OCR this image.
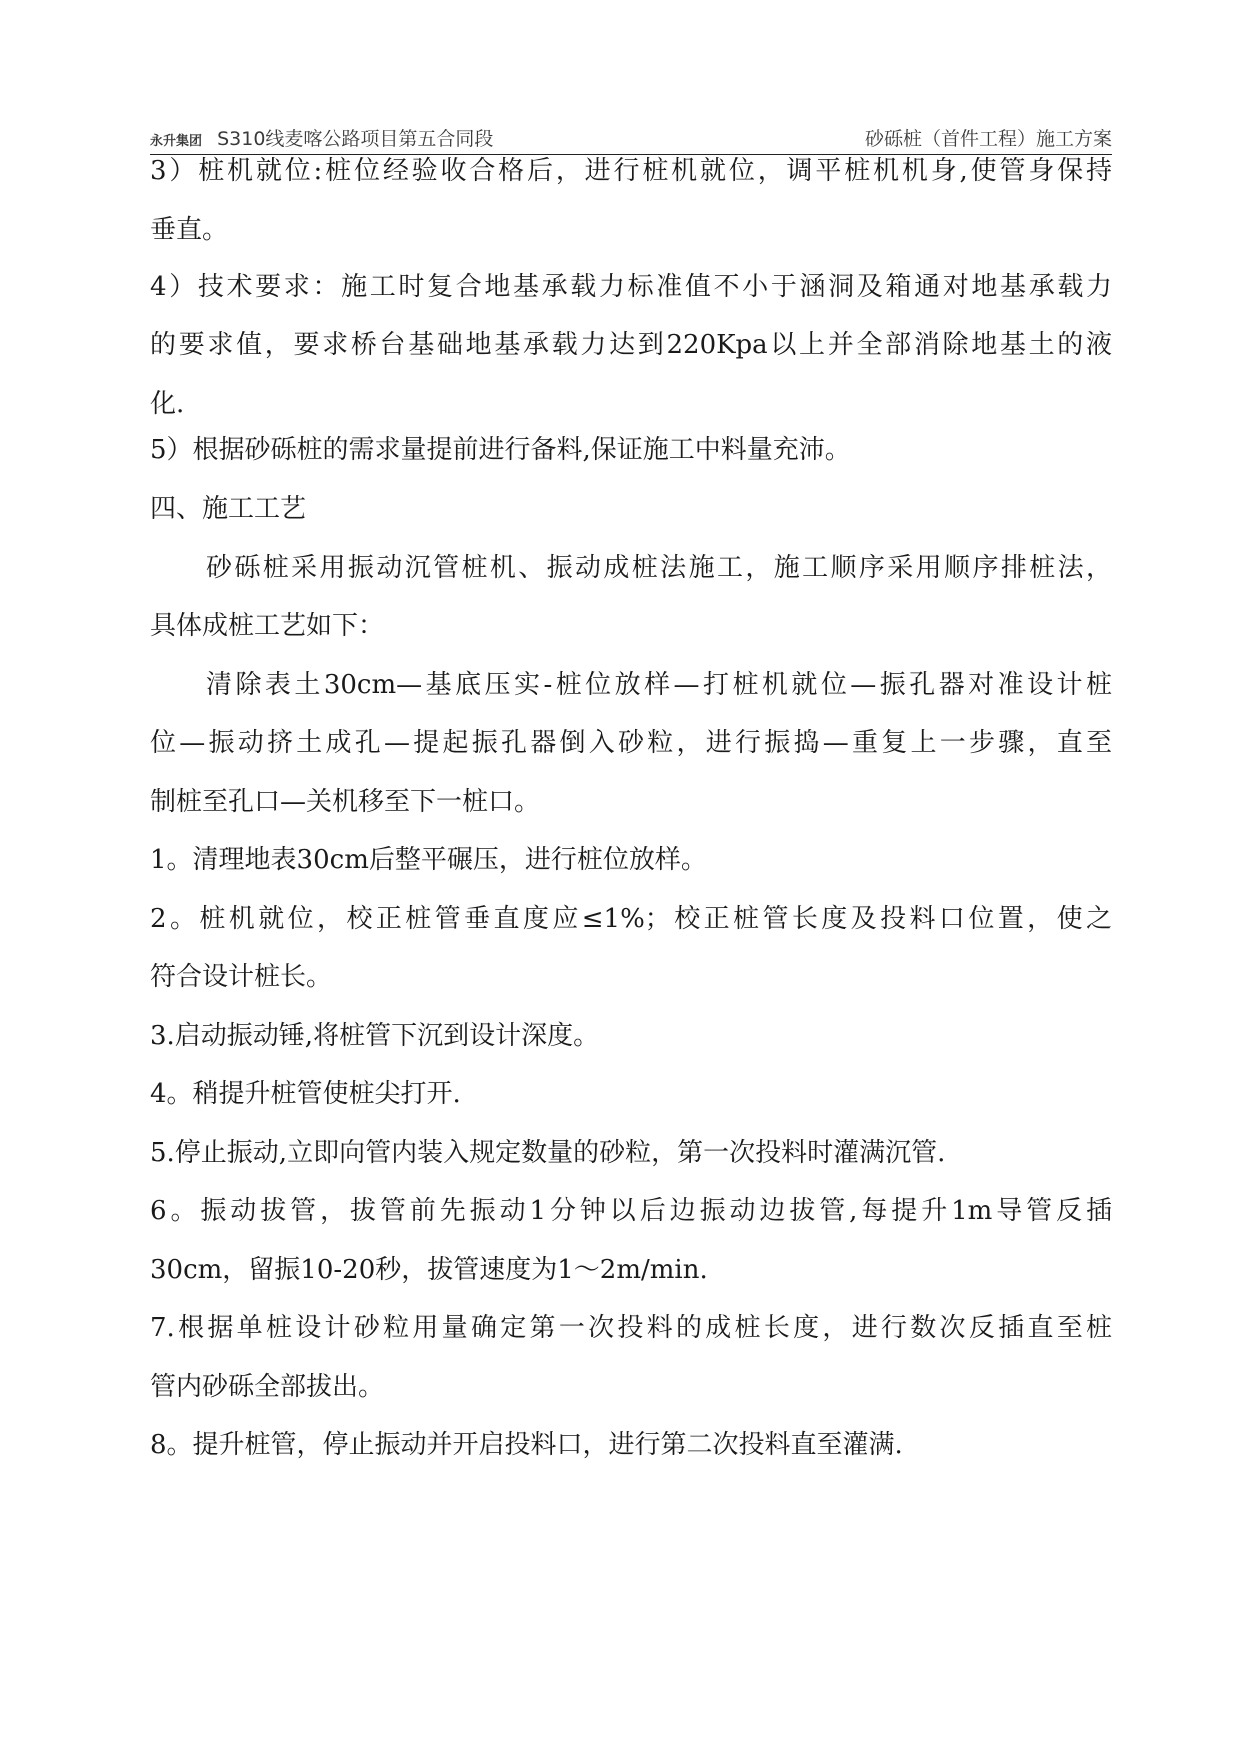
永升集团 S310线麦喀公路项目第五合同段	砂砾桩（首件工程）施工方案
3）桩机就位:桩位经验收合格后，进行桩机就位，调平桩机机身,使管身保持
垂直。
4）技术要求：施工时复合地基承载力标准值不小于涵洞及箱通对地基承载力
的要求值，要求桥台基础地基承载力达到220Kpa以上并全部消除地基土的液
化.
5）根据砂砾桩的需求量提前进行备料,保证施工中料量充沛。
四、施工工艺
砂砾桩采用振动沉管桩机、振动成桩法施工，施工顺序采用顺序排桩法，
具体成桩工艺如下：
清除表土30cm—基底压实-桩位放样—打桩机就位—振孔器对准设计桩
位—振动挤土成孔—提起振孔器倒入砂粒，进行振捣—重复上一步骤，直至
制桩至孔口—关机移至下一桩口。
1。清理地表30cm后整平碾压，进行桩位放样。
2。桩机就位，校正桩管垂直度应≤1%；校正桩管长度及投料口位置，使之
符合设计桩长。
3.启动振动锤,将桩管下沉到设计深度。
4。稍提升桩管使桩尖打开.
5.停止振动,立即向管内装入规定数量的砂粒，第一次投料时灌满沉管.
6。振动拔管，拔管前先振动1分钟以后边振动边拔管,每提升1m导管反插
30cm，留振10-20秒，拔管速度为1～2m/min.
7.根据单桩设计砂粒用量确定第一次投料的成桩长度，进行数次反插直至桩
管内砂砾全部拔出。
8。提升桩管，停止振动并开启投料口，进行第二次投料直至灌满.
